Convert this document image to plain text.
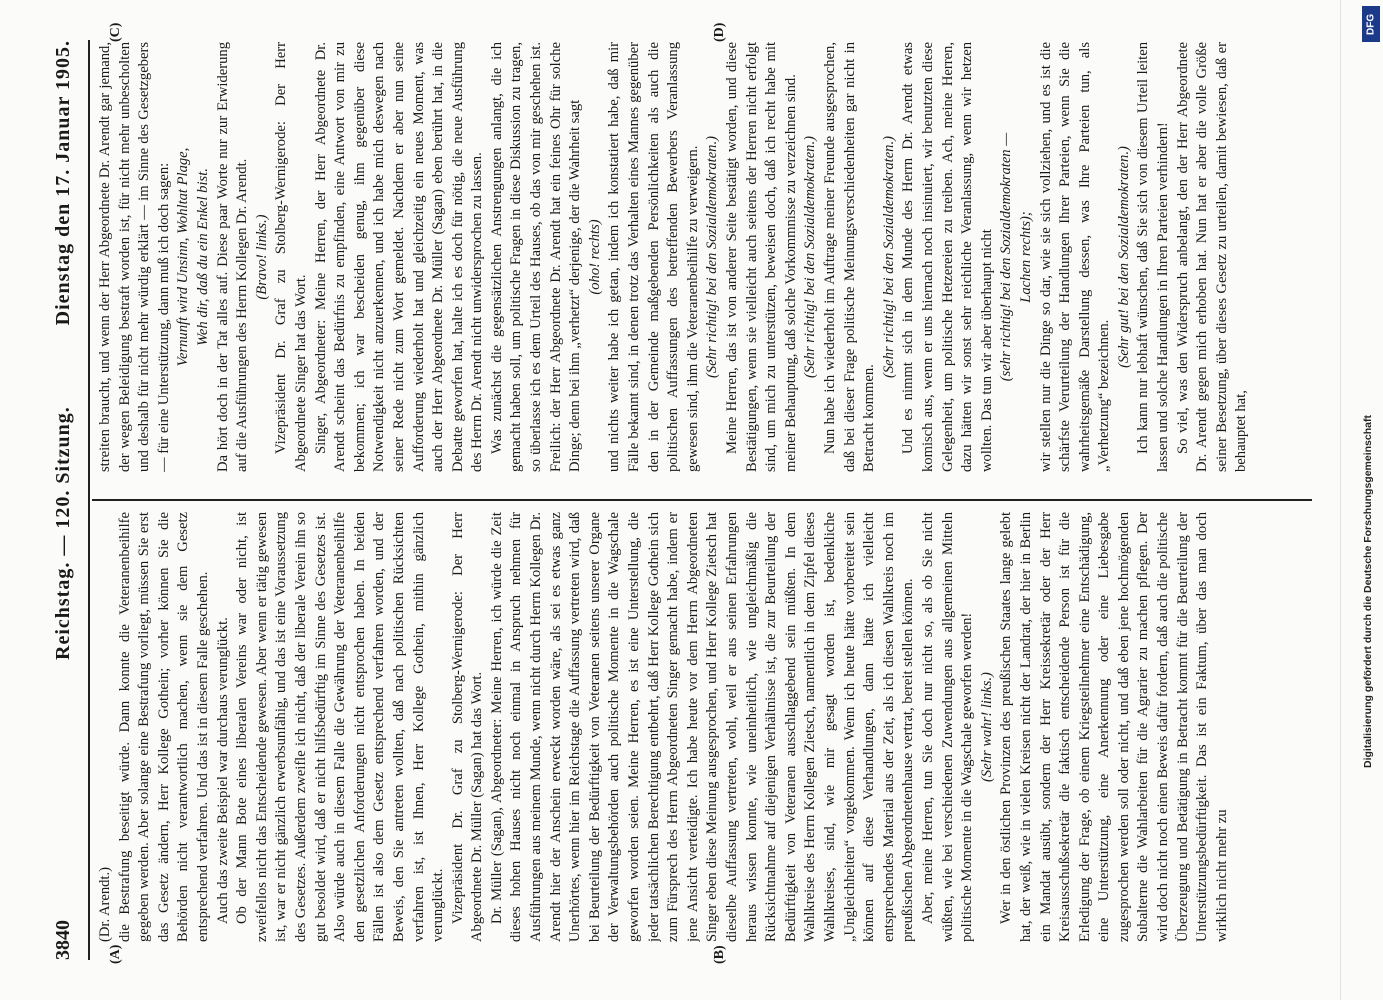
3840
Reichstag. — 120. Sitzung.
Dienstag den 17. Januar 1905.
(A)	(B)
(C)	(D)

(Dr. Arendt.) die Bestrafung beseitigt würde. Dann konnte die Veteranenbeihilfe gegeben werden. Aber solange eine Bestrafung vorliegt, müssen Sie erst das Gesetz ändern, Herr Kollege Gothein; vorher können Sie die Behörden nicht verantwortlich machen, wenn sie dem Gesetz entsprechend verfahren. Und das ist in diesem Falle geschehen. Auch das zweite Beispiel war durchaus verunglückt. Ob der Mann Bote eines liberalen Vereins war oder nicht, ist zweifellos nicht das Entscheidende gewesen. Aber wenn er tätig gewesen ist, war er nicht gänzlich erwerbsunfähig, und das ist eine Voraussetzung des Gesetzes. Außerdem zweifle ich nicht, daß der liberale Verein ihn so gut besoldet wird, daß er nicht hilfsbedürftig im Sinne des Gesetzes ist. Also würde auch in diesem Falle die Gewährung der Veteranenbeihilfe den gesetzlichen Anforderungen nicht entsprochen haben. In beiden Fällen ist also dem Gesetz entsprechend verfahren worden, und der Beweis, den Sie antreten wollten, daß nach politischen Rücksichten verfahren ist, ist Ihnen, Herr Kollege Gothein, mithin gänzlich verunglückt. Vizepräsident Dr. Graf zu Stolberg-Wernigerode: Der Herr Abgeordnete Dr. Müller (Sagan) hat das Wort. Dr. Müller (Sagan), Abgeordneter: Meine Herren, ich würde die Zeit dieses hohen Hauses nicht noch einmal in Anspruch nehmen für Ausführungen aus meinem Munde, wenn nicht durch Herrn Kollegen Dr. Arendt hier der Anschein erweckt worden wäre, als sei es etwas ganz Unerhörtes, wenn hier im Reichstage die Auffassung vertreten wird, daß bei Beurteilung der Bedürftigkeit von Veteranen seitens unserer Organe der Verwaltungsbehörden auch politische Momente in die Wagschale geworfen worden seien. Meine Herren, es ist eine Unterstellung, die jeder tatsächlichen Berechtigung entbehrt, daß Herr Kollege Gothein sich zum Fürsprech des Herrn Abgeordneten Singer gemacht habe, indem er jene Ansicht verteidigte. Ich habe heute vor dem Herrn Abgeordneten Singer eben diese Meinung ausgesprochen, und Herr Kollege Zietsch hat dieselbe Auffassung vertreten, wohl, weil er aus seinen Erfahrungen heraus wissen konnte, wie uneinheitlich, wie ungleichmäßig die Rücksichtnahme auf diejenigen Verhältnisse ist, die zur Beurteilung der Bedürftigkeit von Veteranen ausschlaggebend sein müßten. In dem Wahlkreise des Herrn Kollegen Zietsch, namentlich in dem Zipfel dieses Wahlkreises, sind, wie mir gesagt worden ist, bedenkliche „Ungleichheiten“ vorgekommen. Wenn ich heute hätte vorbereitet sein können auf diese Verhandlungen, dann hätte ich vielleicht entsprechendes Material aus der Zeit, als ich diesen Wahlkreis noch im preußischen Abgeordnetenhause vertrat, bereit stellen können. Aber, meine Herren, tun Sie doch nur nicht so, als ob Sie nicht wüßten, wie bei verschiedenen Zuwendungen aus allgemeinen Mitteln politische Momente in die Wagschale geworfen werden! (Sehr wahr! links.) Wer in den östlichen Provinzen des preußischen Staates lange gelebt hat, der weiß, wie in vielen Kreisen nicht der Landrat, der hier in Berlin ein Mandat ausübt, sondern der Herr Kreissekretär oder der Herr Kreisausschußsekretär die faktisch entscheidende Person ist für die Erledigung der Frage, ob einem Kriegsteilnehmer eine Entschädigung, eine Unterstützung, eine Anerkennung oder eine Liebesgabe zugesprochen werden soll oder nicht, und daß eben jene hochmögenden Subalterne die Wahlarbeiten für die Agrarier zu machen pflegen. Der wird doch nicht noch einen Beweis dafür fordern, daß auch die politische Überzeugung und Betätigung in Betracht kommt für die Beurteilung der Unterstützungsbedürftigkeit. Das ist ein Faktum, über das man doch wirklich nicht mehr zu

streiten braucht, und wenn der Herr Abgeordnete Dr. Arendt gar jemand, der wegen Beleidigung bestraft worden ist, für nicht mehr unbescholten und deshalb für nicht mehr würdig erklärt — im Sinne des Gesetzgebers — für eine Unterstützung, dann muß ich doch sagen: Vernunft wird Unsinn, Wohltat Plage, Weh dir, daß du ein Enkel bist. Da hört doch in der Tat alles auf. Diese paar Worte nur zur Erwiderung auf die Ausführungen des Herrn Kollegen Dr. Arendt. (Bravo! links.) Vizepräsident Dr. Graf zu Stolberg-Wernigerode: Der Herr Abgeordnete Singer hat das Wort. Singer, Abgeordneter: Meine Herren, der Herr Abgeordnete Dr. Arendt scheint das Bedürfnis zu empfinden, eine Antwort von mir zu bekommen; ich war bescheiden genug, ihm gegenüber diese Notwendigkeit nicht anzuerkennen, und ich habe mich deswegen nach seiner Rede nicht zum Wort gemeldet. Nachdem er aber nun seine Aufforderung wiederholt hat und gleichzeitig ein neues Moment, was auch der Herr Abgeordnete Dr. Müller (Sagan) eben berührt hat, in die Debatte geworfen hat, halte ich es doch für nötig, die neue Ausführung des Herrn Dr. Arendt nicht unwidersprochen zu lassen. Was zunächst die gegensätzlichen Anstrengungen anlangt, die ich gemacht haben soll, um politische Fragen in diese Diskussion zu tragen, so überlasse ich es dem Urteil des Hauses, ob das von mir geschehen ist. Freilich: der Herr Abgeordnete Dr. Arendt hat ein feines Ohr für solche Dinge; denn bei ihm „verhetzt“ derjenige, der die Wahrheit sagt (oho! rechts) und nichts weiter habe ich getan, indem ich konstatiert habe, daß mir Fälle bekannt sind, in denen trotz das Verhalten eines Mannes gegenüber den in der Gemeinde maßgebenden Persönlichkeiten als auch die politischen Auffassungen des betreffenden Bewerbers Veranlassung gewesen sind, ihm die Veteranenbeihilfe zu verweigern. (Sehr richtig! bei den Sozialdemokraten.) Meine Herren, das ist von anderer Seite bestätigt worden, und diese Bestätigungen, wenn sie vielleicht auch seitens der Herren nicht erfolgt sind, um mich zu unterstützen, beweisen doch, daß ich recht habe mit meiner Behauptung, daß solche Vorkommnisse zu verzeichnen sind. (Sehr richtig! bei den Sozialdemokraten.) Nun habe ich wiederholt im Auftrage meiner Freunde ausgesprochen, daß bei dieser Frage politische Meinungsverschiedenheiten gar nicht in Betracht kommen.

(Sehr richtig! bei den Sozialdemokraten.) Und es nimmt sich in dem Munde des Herrn Dr. Arendt etwas komisch aus, wenn er uns hiernach noch insinuiert, wir benutzten diese Gelegenheit, um politische Hetzereien zu treiben. Ach, meine Herren, dazu hätten wir sonst sehr reichliche Veranlassung, wenn wir hetzen wollten. Das tun wir aber überhaupt nicht (sehr richtig! bei den Sozialdemokraten — Lachen rechts); wir stellen nur die Dinge so dar, wie sie sich vollziehen, und es ist die schärfste Verurteilung der Handlungen Ihrer Parteien, wenn Sie die wahrheitsgemäße Darstellung dessen, was Ihre Parteien tun, als „Verhetzung“ bezeichnen.

(Sehr gut! bei den Sozialdemokraten.) Ich kann nur lebhaft wünschen, daß Sie sich von diesem Urteil leiten lassen und solche Handlungen in Ihren Parteien verhindern! So viel, was den Widerspruch anbelangt, den der Herr Abgeordnete Dr. Arendt gegen mich erhoben hat. Nun hat er aber die volle Größe seiner Besetzung, über dieses Gesetz zu urteilen, damit bewiesen, daß er behauptet hat,

DFG
Digitalisierung gefördert durch die Deutsche Forschungsgemeinschaft
